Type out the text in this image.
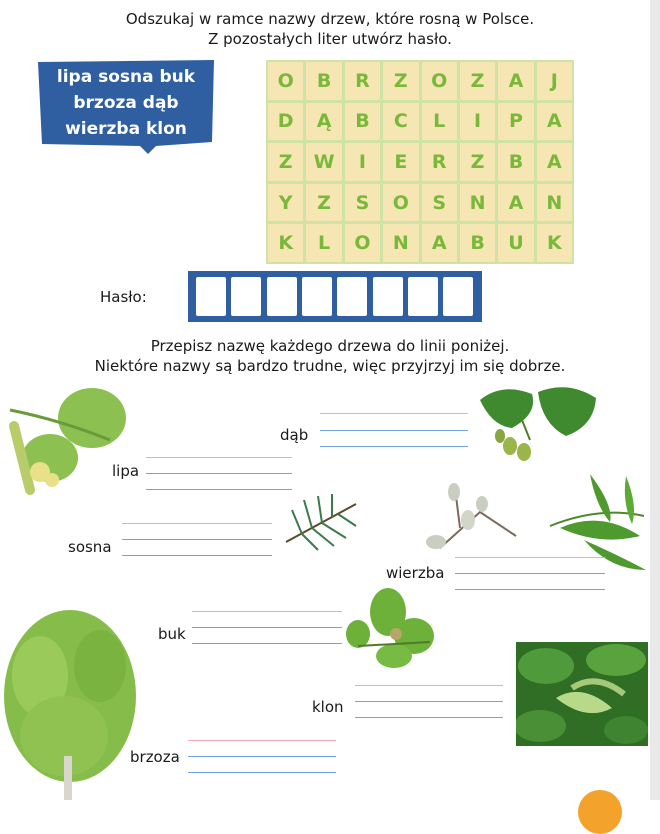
Odszukaj w ramce nazwy drzew, które rosną w Polsce.
Z pozostałych liter utwórz hasło.
lipa sosna buk
brzoza dąb
wierzba klon
O	B	R	Z	O	Z	A	J
D	Ą	B	C	L	I	P	A
Z	W	I	E	R	Z	B	A
Y	Z	S	O	S	N	A	N
K	L	O	N	A	B	U	K
Hasło:
Przepisz nazwę każdego drzewa do linii poniżej.
Niektóre nazwy są bardzo trudne, więc przyjrzyj im się dobrze.
dąb
lipa
sosna
wierzba
buk
klon
brzoza
